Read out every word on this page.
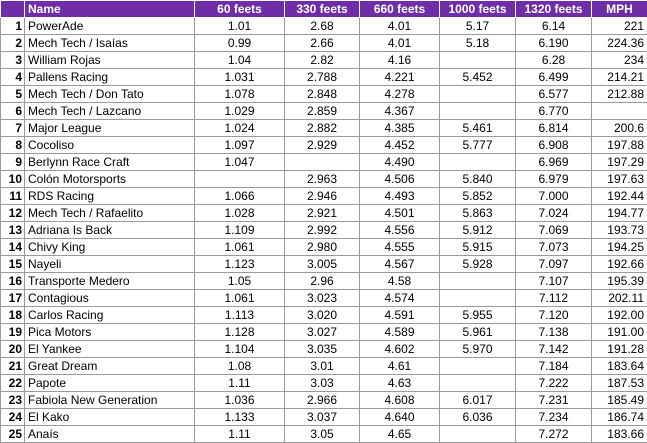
	Name	60 feets	330 feets	660 feets	1000 feets	1320 feets	MPH
1	PowerAde	1.01	2.68	4.01	5.17	6.14	221
2	Mech Tech / Isaías	0.99	2.66	4.01	5.18	6.190	224.36
3	William Rojas	1.04	2.82	4.16		6.28	234
4	Pallens Racing	1.031	2.788	4.221	5.452	6.499	214.21
5	Mech Tech / Don Tato	1.078	2.848	4.278		6.577	212.88
6	Mech Tech / Lazcano	1.029	2.859	4.367		6.770	
7	Major League	1.024	2.882	4.385	5.461	6.814	200.6
8	Cocoliso	1.097	2.929	4.452	5.777	6.908	197.88
9	Berlynn Race Craft	1.047		4.490		6.969	197.29
10	Colón Motorsports		2.963	4.506	5.840	6.979	197.63
11	RDS Racing	1.066	2.946	4.493	5.852	7.000	192.44
12	Mech Tech / Rafaelito	1.028	2.921	4.501	5.863	7.024	194.77
13	Adriana Is Back	1.109	2.992	4.556	5.912	7.069	193.73
14	Chivy King	1.061	2.980	4.555	5.915	7.073	194.25
15	Nayeli	1.123	3.005	4.567	5.928	7.097	192.66
16	Transporte Medero	1.05	2.96	4.58		7.107	195.39
17	Contagious	1.061	3.023	4.574		7.112	202.11
18	Carlos Racing	1.113	3.020	4.591	5.955	7.120	192.00
19	Pica Motors	1.128	3.027	4.589	5.961	7.138	191.00
20	El Yankee	1.104	3.035	4.602	5.970	7.142	191.28
21	Great Dream	1.08	3.01	4.61		7.184	183.64
22	Papote	1.11	3.03	4.63		7.222	187.53
23	Fabiola New Generation	1.036	2.966	4.608	6.017	7.231	185.49
24	El Kako	1.133	3.037	4.640	6.036	7.234	186.74
25	Anaís	1.11	3.05	4.65		7.272	183.66
